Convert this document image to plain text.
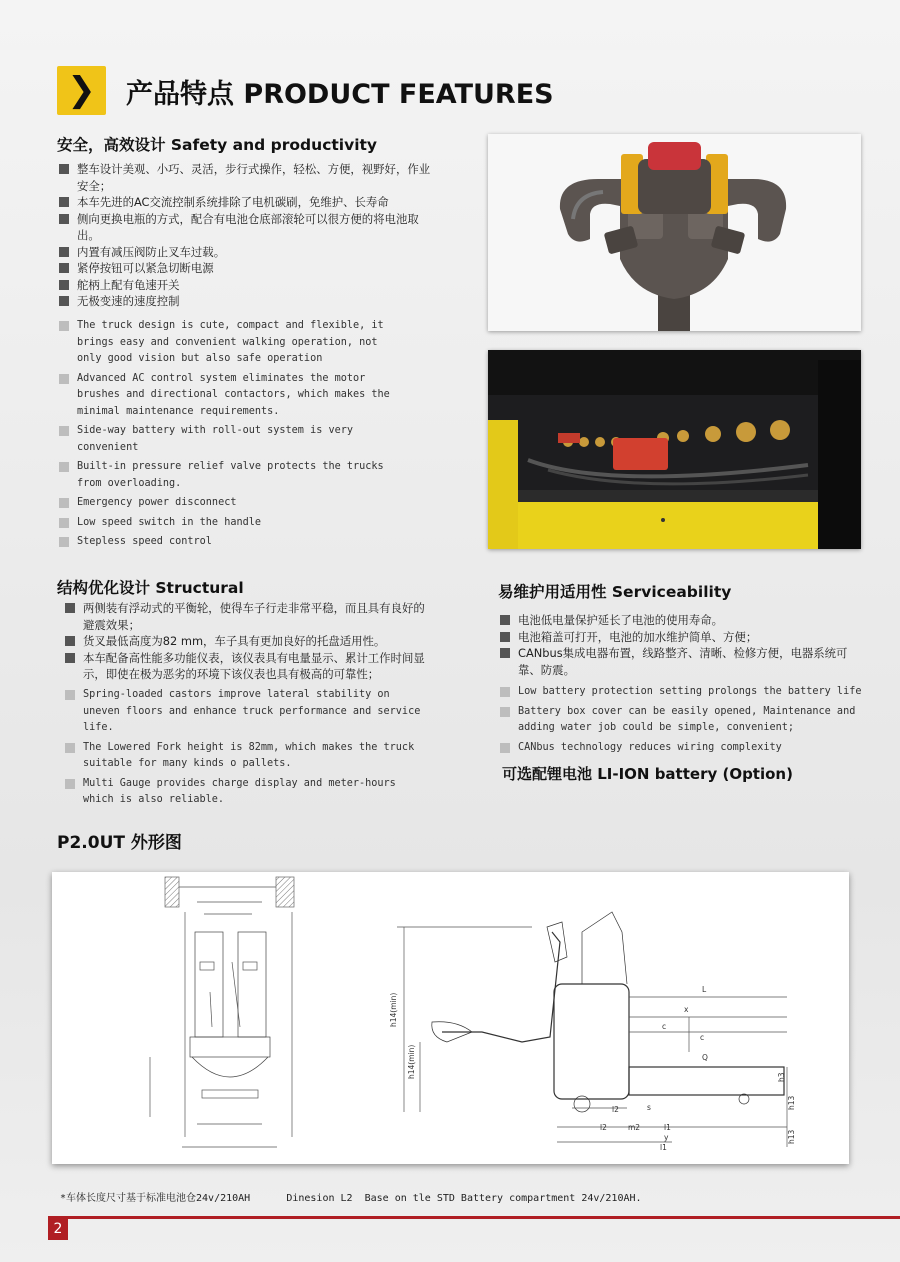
❯	产品特点 PRODUCT FEATURES
安全，高效设计 Safety and productivity

整车设计美观、小巧、灵活，步行式操作，轻松、方便，视野好，作业安全；

本车先进的AC交流控制系统排除了电机碳刷，免维护、长寿命

侧向更换电瓶的方式，配合有电池仓底部滚轮可以很方便的将电池取出。

内置有减压阀防止叉车过载。

紧停按钮可以紧急切断电源

舵柄上配有龟速开关

无极变速的速度控制

The truck design is cute, compact and flexible, it brings easy and convenient walking operation, not only good vision but also safe operation

Advanced AC control system eliminates the motor brushes and directional contactors, which makes the minimal maintenance requirements.

Side-way battery with roll-out system is very convenient

Built-in pressure relief valve protects the trucks from overloading.

Emergency power disconnect

Low speed switch in the handle

Stepless speed control

结构优化设计 Structural

两侧装有浮动式的平衡轮，使得车子行走非常平稳，而且具有良好的避震效果；

货叉最低高度为82 mm，车子具有更加良好的托盘适用性。

本车配备高性能多功能仪表，该仪表具有电量显示、累计工作时间显示，即使在极为恶劣的环境下该仪表也具有极高的可靠性；

Spring-loaded castors improve lateral stability on uneven floors and enhance truck performance and service life.

The Lowered Fork height is 82mm, which makes the truck suitable for many kinds o pallets.

Multi Gauge provides charge display and meter-hours which is also reliable.

易维护用适用性 Serviceability

电池低电量保护延长了电池的使用寿命。

电池箱盖可打开，电池的加水维护简单、方便；

CANbus集成电器布置，线路整齐、清晰、检修方便，电器系统可靠、防震。

Low battery protection setting prolongs the battery life

Battery box cover can be easily opened, Maintenance and adding water job could be simple, convenient;

CANbus technology reduces wiring complexity

可选配锂电池 LI-ION battery (Option)
P2.0UT 外形图
h14(min)
h14(min)
L
x
c
c
Q
l2
l2	l1
l1
y
m2
s
h3
h13
h13
*车体长度尺寸基于标准电池仓24v/210AH      Dinesion L2  Base on tle STD Battery compartment 24v/210AH.
2
